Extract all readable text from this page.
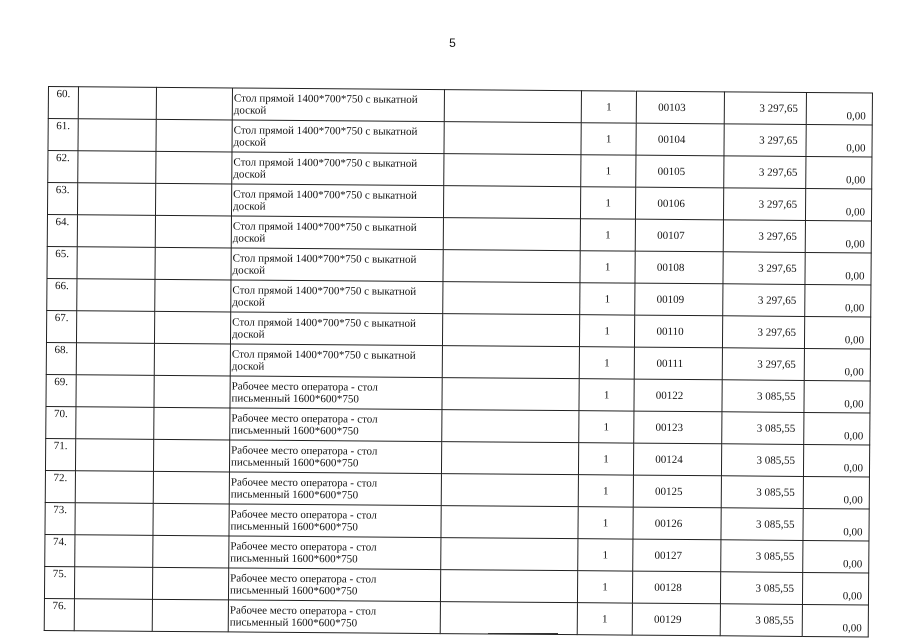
5
60.			Стол прямой 1400*700*750 с выкатной доской		1	00103	3 297,65	0,00
61.			Стол прямой 1400*700*750 с выкатной доской		1	00104	3 297,65	0,00
62.			Стол прямой 1400*700*750 с выкатной доской		1	00105	3 297,65	0,00
63.			Стол прямой 1400*700*750 с выкатной доской		1	00106	3 297,65	0,00
64.			Стол прямой 1400*700*750 с выкатной доской		1	00107	3 297,65	0,00
65.			Стол прямой 1400*700*750 с выкатной доской		1	00108	3 297,65	0,00
66.			Стол прямой 1400*700*750 с выкатной доской		1	00109	3 297,65	0,00
67.			Стол прямой 1400*700*750 с выкатной доской		1	00110	3 297,65	0,00
68.			Стол прямой 1400*700*750 с выкатной доской		1	00111	3 297,65	0,00
69.			Рабочее место оператора - стол письменный 1600*600*750		1	00122	3 085,55	0,00
70.			Рабочее место оператора - стол письменный 1600*600*750		1	00123	3 085,55	0,00
71.			Рабочее место оператора - стол письменный 1600*600*750		1	00124	3 085,55	0,00
72.			Рабочее место оператора - стол письменный 1600*600*750		1	00125	3 085,55	0,00
73.			Рабочее место оператора - стол письменный 1600*600*750		1	00126	3 085,55	0,00
74.			Рабочее место оператора - стол письменный 1600*600*750		1	00127	3 085,55	0,00
75.			Рабочее место оператора - стол письменный 1600*600*750		1	00128	3 085,55	0,00
76.			Рабочее место оператора - стол письменный 1600*600*750		1	00129	3 085,55	0,00
